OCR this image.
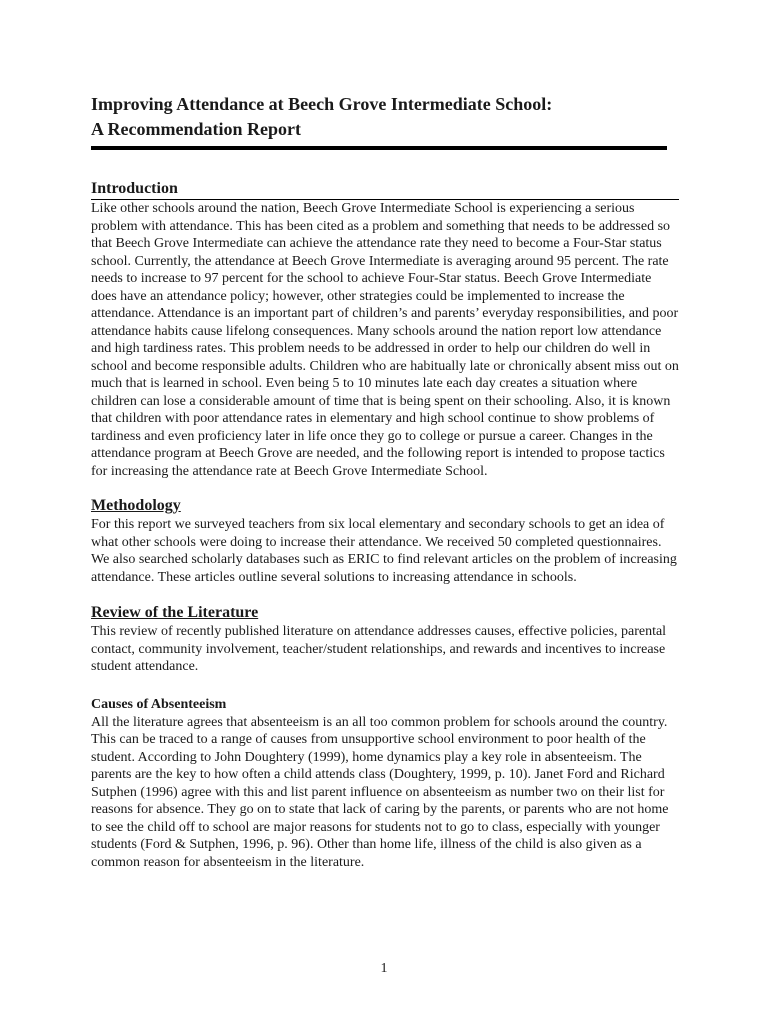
Improving Attendance at Beech Grove Intermediate School:
A Recommendation Report
Introduction

Like other schools around the nation, Beech Grove Intermediate School is experiencing a serious problem with attendance. This has been cited as a problem and something that needs to be addressed so that Beech Grove Intermediate can achieve the attendance rate they need to become a Four-Star status school. Currently, the attendance at Beech Grove Intermediate is averaging around 95 percent. The rate needs to increase to 97 percent for the school to achieve Four-Star status. Beech Grove Intermediate does have an attendance policy; however, other strategies could be implemented to increase the attendance. Attendance is an important part of children’s and parents’ everyday responsibilities, and poor attendance habits cause lifelong consequences. Many schools around the nation report low attendance and high tardiness rates. This problem needs to be addressed in order to help our children do well in school and become responsible adults. Children who are habitually late or chronically absent miss out on much that is learned in school. Even being 5 to 10 minutes late each day creates a situation where children can lose a considerable amount of time that is being spent on their schooling. Also, it is known that children with poor attendance rates in elementary and high school continue to show problems of tardiness and even proficiency later in life once they go to college or pursue a career. Changes in the attendance program at Beech Grove are needed, and the following report is intended to propose tactics for increasing the attendance rate at Beech Grove Intermediate School.

Methodology

For this report we surveyed teachers from six local elementary and secondary schools to get an idea of what other schools were doing to increase their attendance. We received 50 completed questionnaires. We also searched scholarly databases such as ERIC to find relevant articles on the problem of increasing attendance. These articles outline several solutions to increasing attendance in schools.

Review of the Literature

This review of recently published literature on attendance addresses causes, effective policies, parental contact, community involvement, teacher/student relationships, and rewards and incentives to increase student attendance.

Causes of Absenteeism

All the literature agrees that absenteeism is an all too common problem for schools around the country. This can be traced to a range of causes from unsupportive school environment to poor health of the student. According to John Doughtery (1999), home dynamics play a key role in absenteeism. The parents are the key to how often a child attends class (Doughtery, 1999, p. 10). Janet Ford and Richard Sutphen (1996) agree with this and list parent influence on absenteeism as number two on their list for reasons for absence. They go on to state that lack of caring by the parents, or parents who are not home to see the child off to school are major reasons for students not to go to class, especially with younger students (Ford & Sutphen, 1996, p. 96). Other than home life, illness of the child is also given as a common reason for absenteeism in the literature.

1
